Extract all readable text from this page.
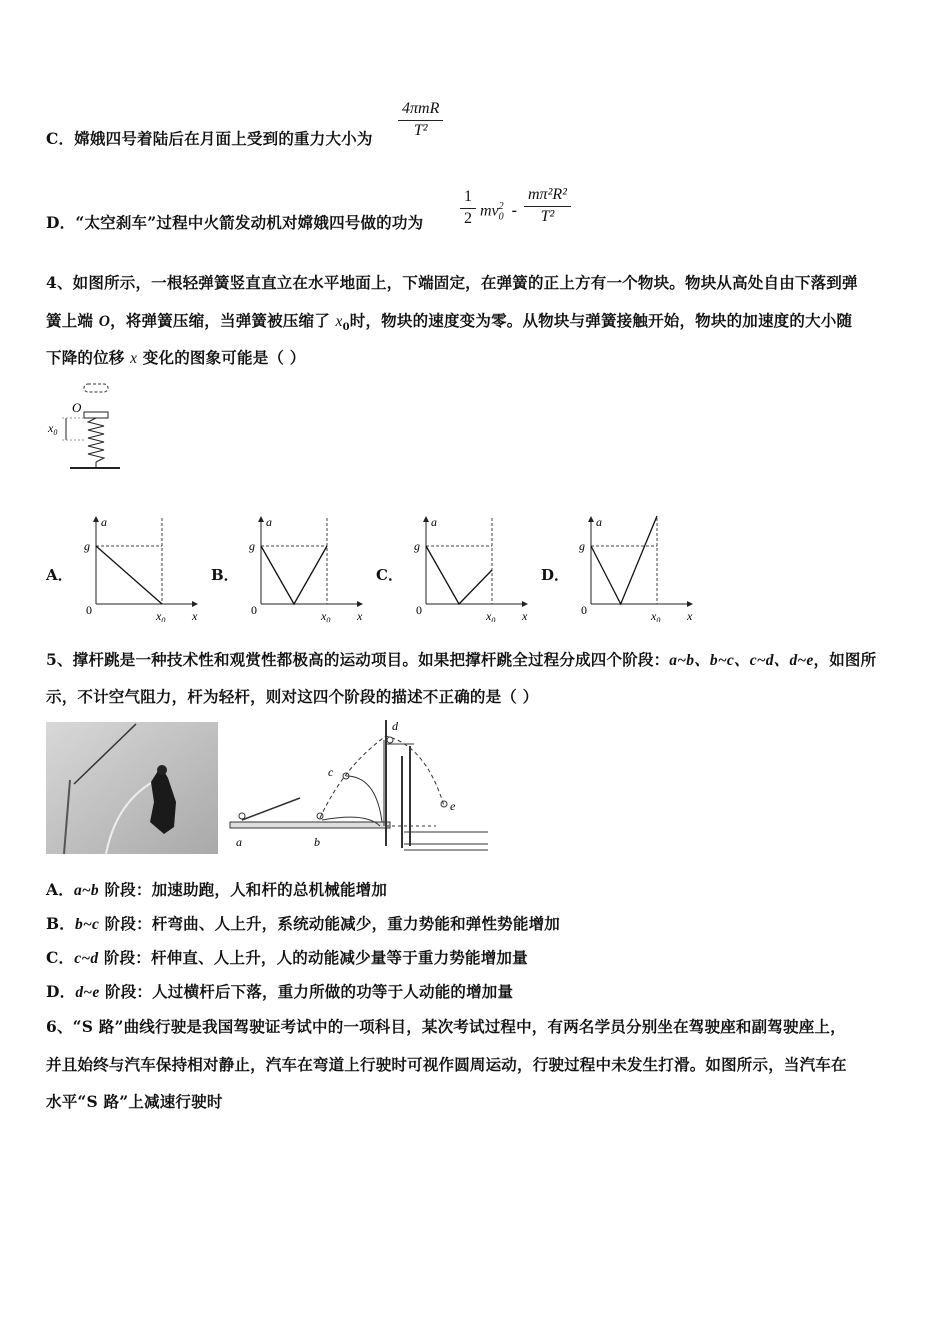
C．嫦娥四号着陆后在月面上受到的重力大小为
4πmR
T²
D．“太空刹车”过程中火箭发动机对嫦娥四号做的功为
1
2 $mv_0^2$ -
mπ²R²
T²
4、如图所示，一根轻弹簧竖直直立在水平地面上，下端固定，在弹簧的正上方有一个物块。物块从高处自由下落到弹
簧上端 O，将弹簧压缩，当弹簧被压缩了 $x_0$时，物块的速度变为零。从物块与弹簧接触开始，物块的加速度的大小随
下降的位移 x 变化的图象可能是（ ）
O
$x_0$
A．
a
g
0	$x_0$ x
B．
a
g
0	$x_0$ x
C．
a
g
0	$x_0$ x
D．
a
g
0	$x_0$ x
5、撑杆跳是一种技术性和观赏性都极高的运动项目。如果把撑杆跳全过程分成四个阶段：a~b、b~c、c~d、d~e，如图所
示，不计空气阻力，杆为轻杆，则对这四个阶段的描述不正确的是（ ）
a	b
c
d
e
A．a~b 阶段：加速助跑，人和杆的总机械能增加
B．b~c 阶段：杆弯曲、人上升，系统动能减少，重力势能和弹性势能增加
C．c~d 阶段：杆伸直、人上升，人的动能减少量等于重力势能增加量
D．d~e 阶段：人过横杆后下落，重力所做的功等于人动能的增加量
6、“S 路”曲线行驶是我国驾驶证考试中的一项科目，某次考试过程中，有两名学员分别坐在驾驶座和副驾驶座上，
并且始终与汽车保持相对静止，汽车在弯道上行驶时可视作圆周运动，行驶过程中未发生打滑。如图所示，当汽车在
水平“S 路”上减速行驶时
